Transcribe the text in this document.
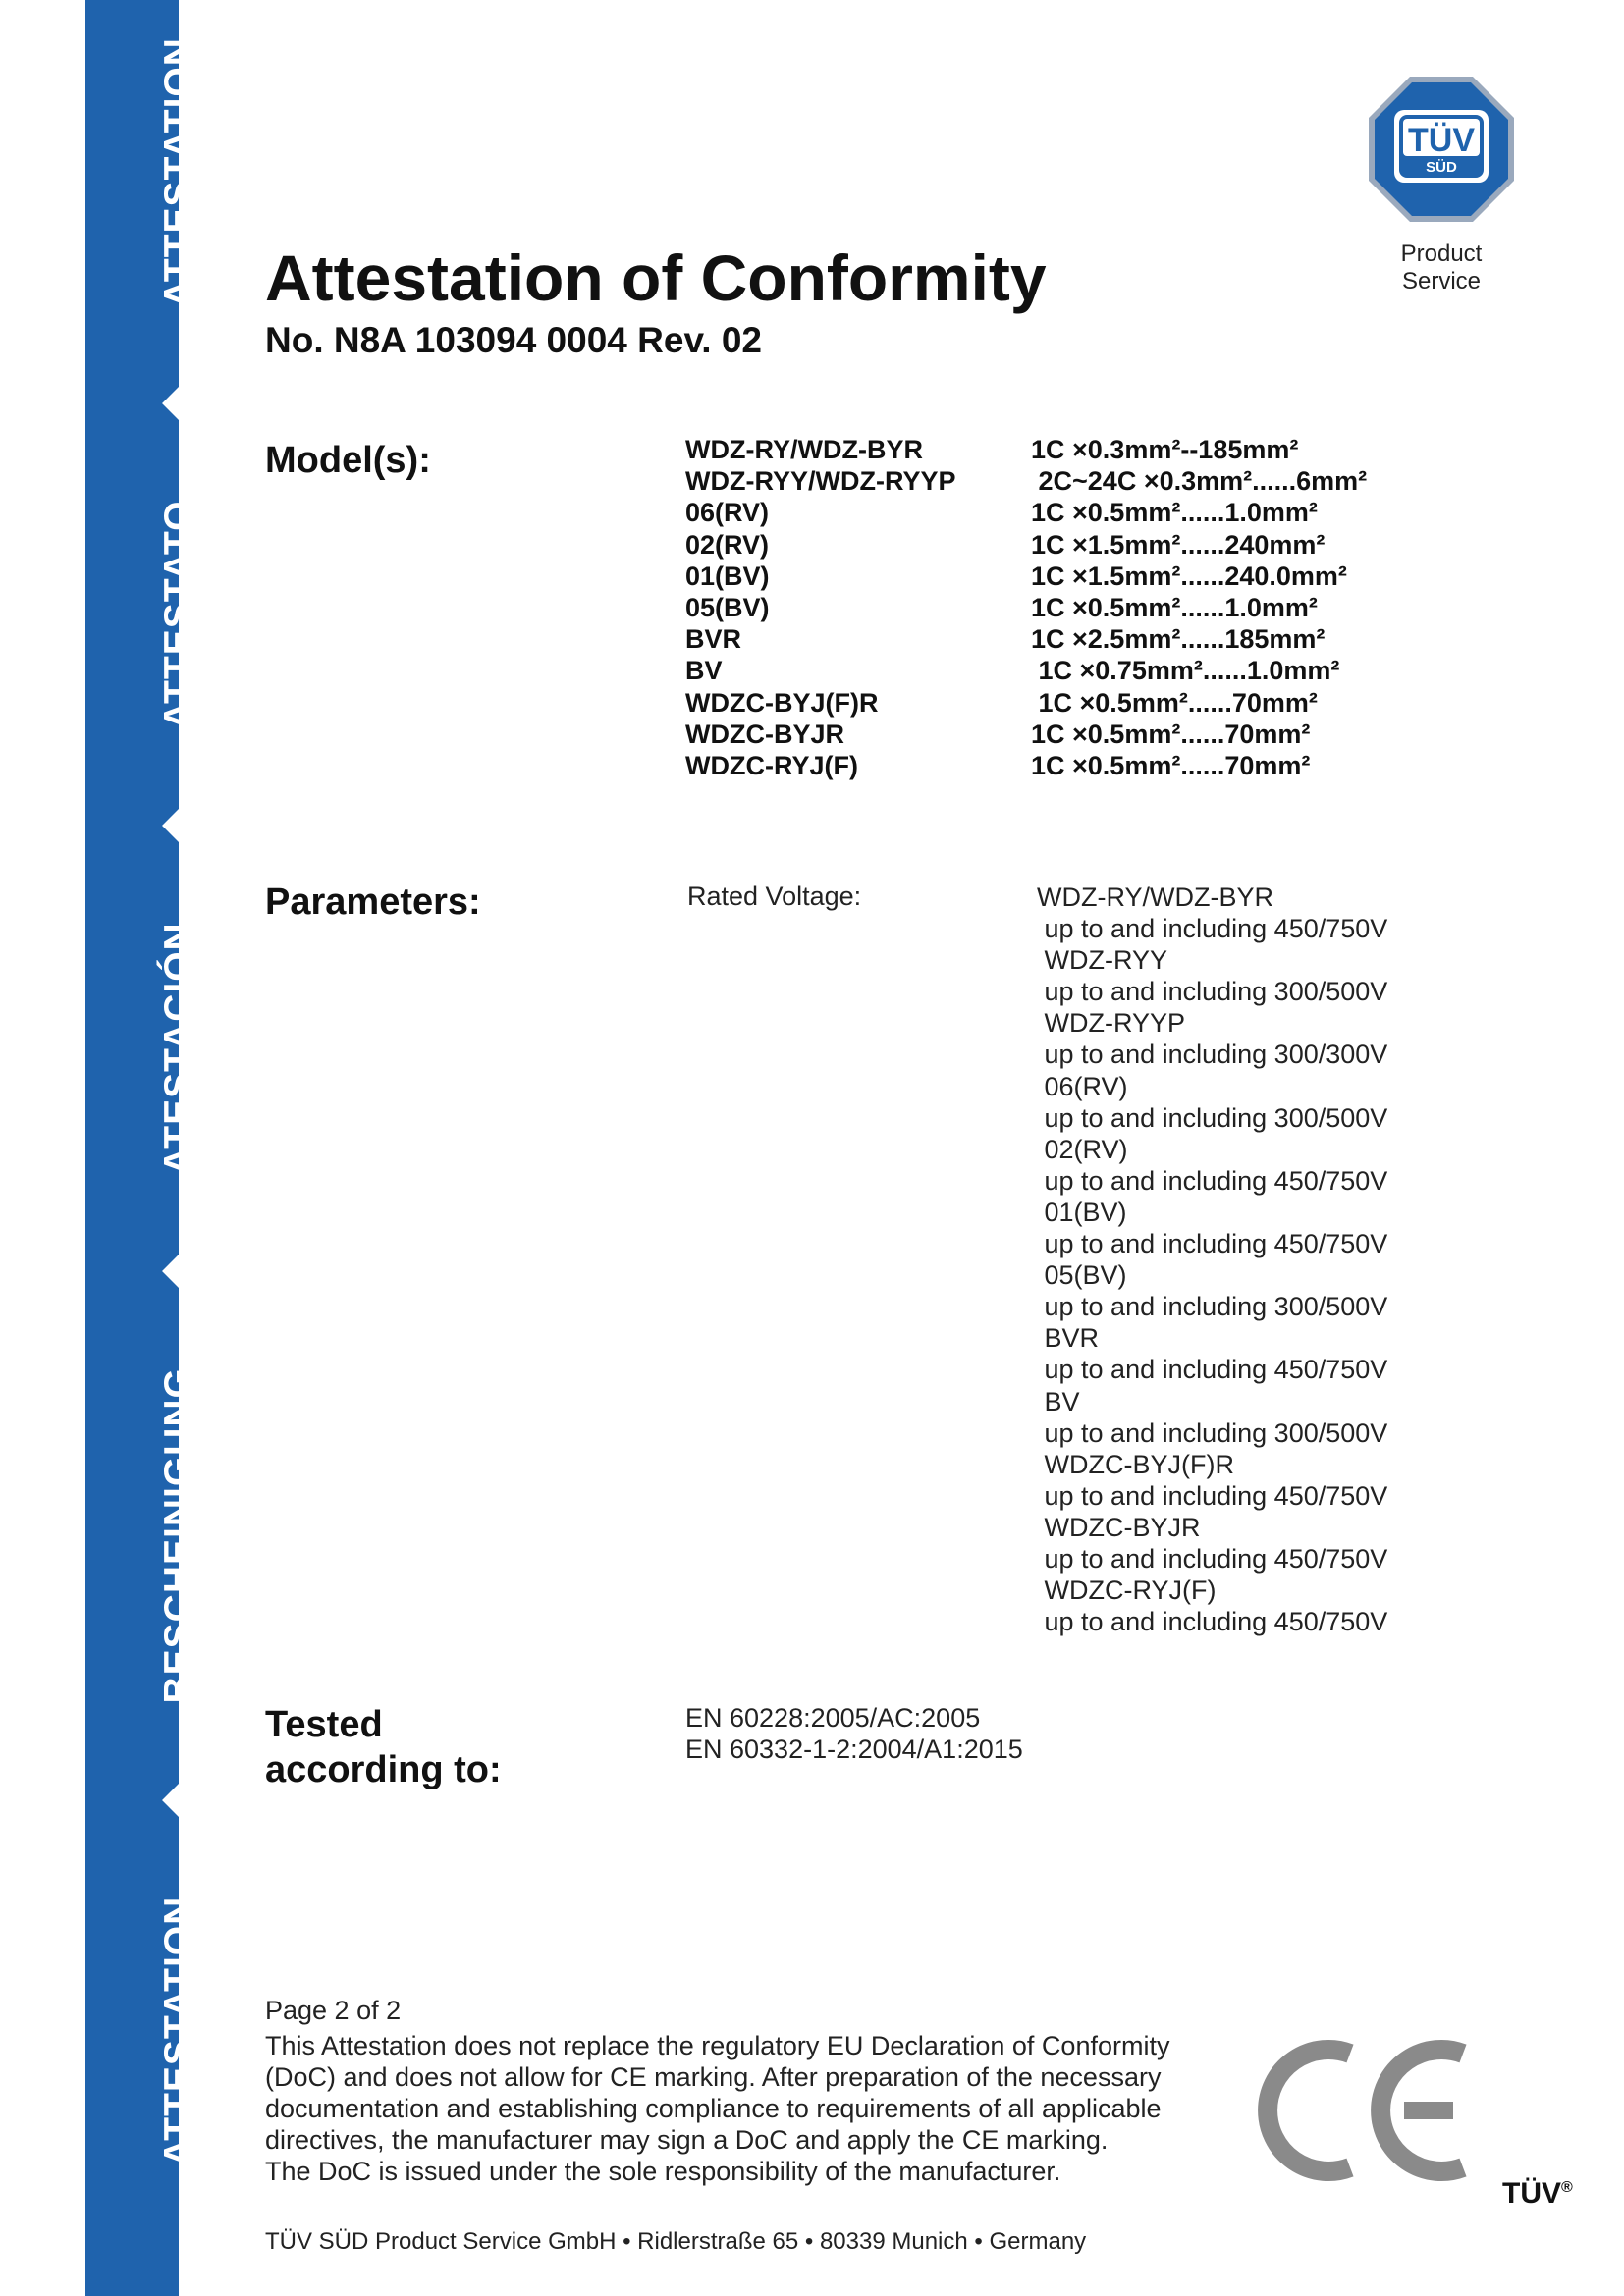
ATTESTATION
BESCHEINIGUNG
ATESTACIÓN
ATTESTATO
ATTESTATION	TÜV
SÜD
Product Service
Attestation of Conformity
No. N8A 103094 0004 Rev. 02
Model(s):	WDZ-RY/WDZ-BYR	1C ×0.3mm²--185mm²
WDZ-RYY/WDZ-RYYP	2C~24C ×0.3mm²......6mm²
06(RV)	1C ×0.5mm²......1.0mm²
02(RV)	1C ×1.5mm²......240mm²
01(BV)	1C ×1.5mm²......240.0mm²
05(BV)	1C ×0.5mm²......1.0mm²
BVR	1C ×2.5mm²......185mm²
BV	1C ×0.75mm²......1.0mm²
WDZC-BYJ(F)R	1C ×0.5mm²......70mm²
WDZC-BYJR	1C ×0.5mm²......70mm²
WDZC-RYJ(F)	1C ×0.5mm²......70mm²
Parameters:	Rated Voltage:	WDZ-RY/WDZ-BYR
up to and including 450/750V
WDZ-RYY
up to and including 300/500V
WDZ-RYYP
up to and including 300/300V
06(RV)
up to and including 300/500V
02(RV)
up to and including 450/750V
01(BV)
up to and including 450/750V
05(BV)
up to and including 300/500V
BVR
up to and including 450/750V
BV
up to and including 300/500V
WDZC-BYJ(F)R
up to and including 450/750V
WDZC-BYJR
up to and including 450/750V
WDZC-RYJ(F)
up to and including 450/750V
Tested
according to:
EN 60228:2005/AC:2005
EN 60332-1-2:2004/A1:2015
Page 2 of 2
This Attestation does not replace the regulatory EU Declaration of Conformity
(DoC) and does not allow for CE marking. After preparation of the necessary
documentation and establishing compliance to requirements of all applicable
directives, the manufacturer may sign a DoC and apply the CE marking.
The DoC is issued under the sole responsibility of the manufacturer.
TÜV®
TÜV SÜD Product Service GmbH • Ridlerstraße 65 • 80339 Munich • Germany
